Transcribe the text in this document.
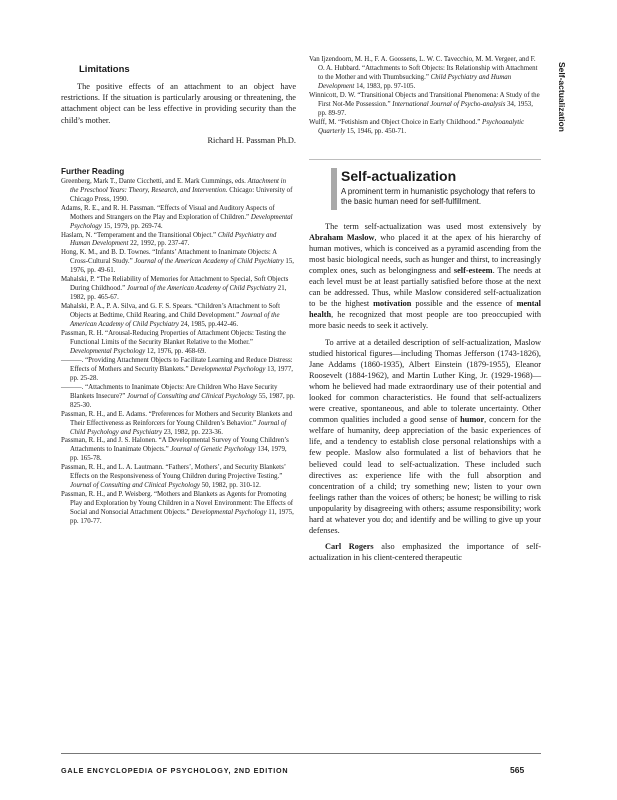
Limitations

The positive effects of an attachment to an object have restrictions. If the situation is particularly arousing or threatening, the attachment object can be less effective in providing security than the child’s mother.

Richard H. Passman Ph.D.

Further Reading
Greenberg, Mark T., Dante Cicchetti, and E. Mark Cummings, eds. Attachment in the Preschool Years: Theory, Research, and Intervention. Chicago: University of Chicago Press, 1990.
Adams, R. E., and R. H. Passman. “Effects of Visual and Auditory Aspects of Mothers and Strangers on the Play and Exploration of Children.” Developmental Psychology 15, 1979, pp. 269-74.
Haslam, N. “Temperament and the Transitional Object.” Child Psychiatry and Human Development 22, 1992, pp. 237-47.
Hong, K. M., and B. D. Townes. “Infants’ Attachment to Inanimate Objects: A Cross-Cultural Study.” Journal of the American Academy of Child Psychiatry 15, 1976, pp. 49-61.
Mahalski, P. “The Reliability of Memories for Attachment to Special, Soft Objects During Childhood.” Journal of the American Academy of Child Psychiatry 21, 1982, pp. 465-67.
Mahalski, P. A., P. A. Silva, and G. F. S. Spears. “Children’s Attachment to Soft Objects at Bedtime, Child Rearing, and Child Development.” Journal of the American Academy of Child Psychiatry 24, 1985, pp.442-46.
Passman, R. H. “Arousal-Reducing Properties of Attachment Objects: Testing the Functional Limits of the Security Blanket Relative to the Mother.” Developmental Psychology 12, 1976, pp. 468-69.
———. “Providing Attachment Objects to Facilitate Learning and Reduce Distress: Effects of Mothers and Security Blankets.” Developmental Psychology 13, 1977, pp. 25-28.
———. “Attachments to Inanimate Objects: Are Children Who Have Security Blankets Insecure?” Journal of Consulting and Clinical Psychology 55, 1987, pp. 825-30.
Passman, R. H., and E. Adams. “Preferences for Mothers and Security Blankets and Their Effectiveness as Reinforcers for Young Children’s Behavior.” Journal of Child Psychology and Psychiatry 23, 1982, pp. 223-36.
Passman, R. H., and J. S. Halonen. “A Developmental Survey of Young Children’s Attachments to Inanimate Objects.” Journal of Genetic Psychology 134, 1979, pp. 165-78.
Passman, R. H., and L. A. Lautmann. “Fathers’, Mothers’, and Security Blankets’ Effects on the Responsiveness of Young Children during Projective Testing.” Journal of Consulting and Clinical Psychology 50, 1982, pp. 310-12.
Passman, R. H., and P. Weisberg. “Mothers and Blankets as Agents for Promoting Play and Exploration by Young Children in a Novel Environment: The Effects of Social and Nonsocial Attachment Objects.” Developmental Psychology 11, 1975, pp. 170-77.
Van Ijzendoorn, M. H., F. A. Goossens, L. W. C. Tavecchio, M. M. Vergeer, and F. O. A. Hubbard. “Attachments to Soft Objects: Its Relationship with Attachment to the Mother and with Thumbsucking.” Child Psychiatry and Human Development 14, 1983, pp. 97-105.
Winnicott, D. W. “Transitional Objects and Transitional Phenomena: A Study of the First Not-Me Possession.” International Journal of Psycho-analysis 34, 1953, pp. 89-97.
Wulff, M. “Fetishism and Object Choice in Early Childhood.” Psychoanalytic Quarterly 15, 1946, pp. 450-71.
Self-actualization

A prominent term in humanistic psychology that refers to the basic human need for self-fulfillment.

The term self-actualization was used most extensively by Abraham Maslow, who placed it at the apex of his hierarchy of human motives, which is conceived as a pyramid ascending from the most basic biological needs, such as hunger and thirst, to increasingly complex ones, such as belongingness and self-esteem. The needs at each level must be at least partially satisfied before those at the next can be addressed. Thus, while Maslow considered self-actualization to be the highest motivation possible and the essence of mental health, he recognized that most people are too preoccupied with more basic needs to seek it actively.

To arrive at a detailed description of self-actualization, Maslow studied historical figures—including Thomas Jefferson (1743-1826), Jane Addams (1860-1935), Albert Einstein (1879-1955), Eleanor Roosevelt (1884-1962), and Martin Luther King, Jr. (1929-1968)—whom he believed had made extraordinary use of their potential and looked for common characteristics. He found that self-actualizers were creative, spontaneous, and able to tolerate uncertainty. Other common qualities included a good sense of humor, concern for the welfare of humanity, deep appreciation of the basic experiences of life, and a tendency to establish close personal relationships with a few people. Maslow also formulated a list of behaviors that he believed could lead to self-actualization. These included such directives as: experience life with the full absorption and concentration of a child; try something new; listen to your own feelings rather than the voices of others; be honest; be willing to risk unpopularity by disagreeing with others; assume responsibility; work hard at whatever you do; and identify and be willing to give up your defenses.

Carl Rogers also emphasized the importance of self-actualization in his client-centered therapeutic

Self-actualization
GALE ENCYCLOPEDIA OF PSYCHOLOGY, 2ND EDITION	565
